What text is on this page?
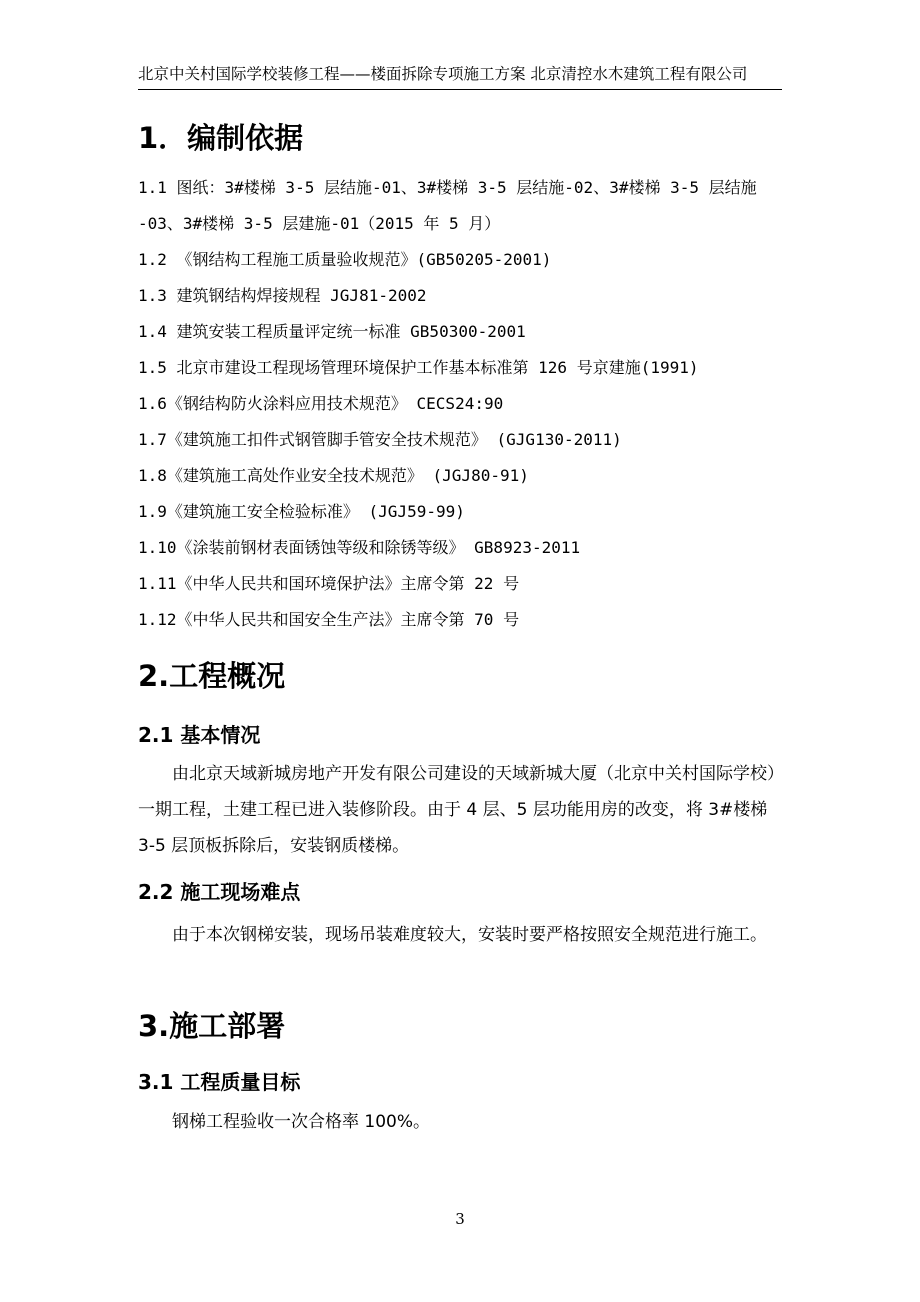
北京中关村国际学校装修工程——楼面拆除专项施工方案 北京清控水木建筑工程有限公司
1．编制依据
1.1 图纸：3#楼梯 3-5 层结施-01、3#楼梯 3-5 层结施-02、3#楼梯 3-5 层结施
-03、3#楼梯 3-5 层建施-01（2015 年 5 月）
1.2 《钢结构工程施工质量验收规范》(GB50205-2001)
1.3 建筑钢结构焊接规程 JGJ81-2002
1.4 建筑安装工程质量评定统一标准 GB50300-2001
1.5 北京市建设工程现场管理环境保护工作基本标准第 126 号京建施(1991)
1.6《钢结构防火涂料应用技术规范》 CECS24:90
1.7《建筑施工扣件式钢管脚手管安全技术规范》 (GJG130-2011)
1.8《建筑施工高处作业安全技术规范》 (JGJ80-91)
1.9《建筑施工安全检验标准》 (JGJ59-99)
1.10《涂装前钢材表面锈蚀等级和除锈等级》 GB8923-2011
1.11《中华人民共和国环境保护法》主席令第 22 号
1.12《中华人民共和国安全生产法》主席令第 70 号
2.工程概况
2.1 基本情况
由北京天域新城房地产开发有限公司建设的天域新城大厦（北京中关村国际学校）一期工程，土建工程已进入装修阶段。由于 4 层、5 层功能用房的改变，将 3#楼梯 3-5 层顶板拆除后，安装钢质楼梯。
2.2 施工现场难点
由于本次钢梯安装，现场吊装难度较大，安装时要严格按照安全规范进行施工。
3.施工部署
3.1 工程质量目标
钢梯工程验收一次合格率 100%。
3
